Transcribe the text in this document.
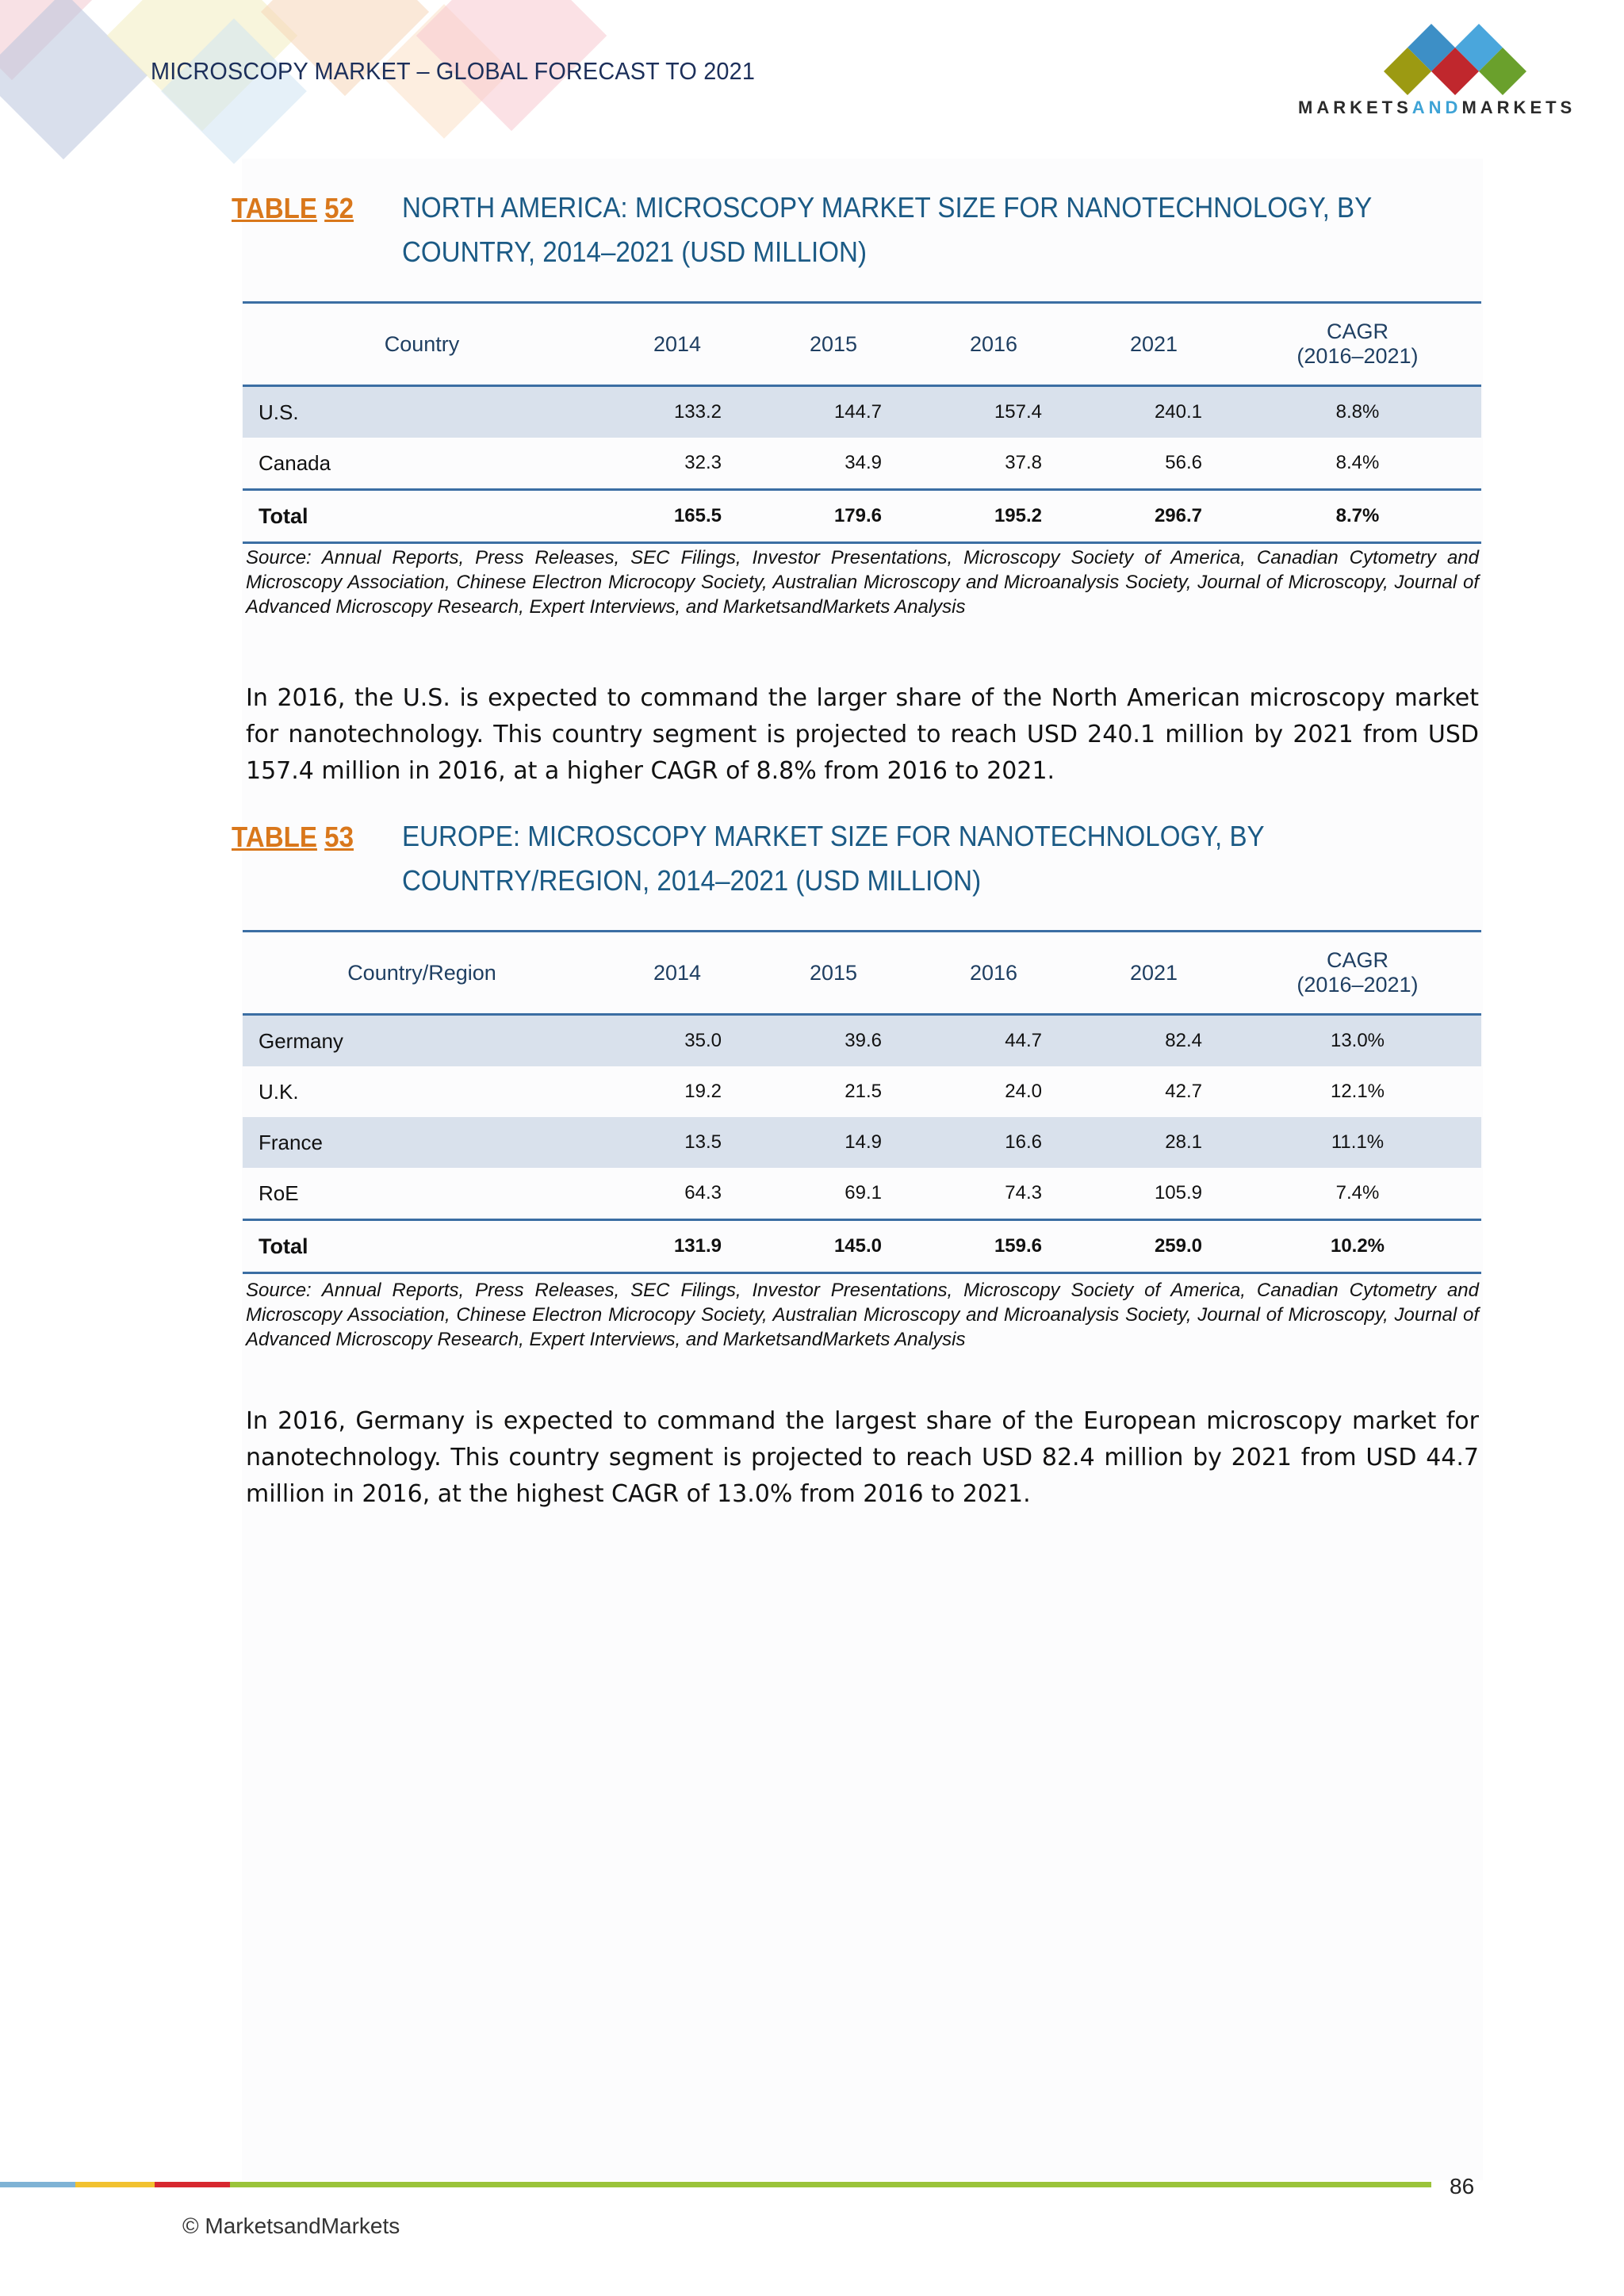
MICROSCOPY MARKET – GLOBAL FORECAST TO 2021
MARKETSANDMARKETS
TABLE 52 NORTH AMERICA: MICROSCOPY MARKET SIZE FOR NANOTECHNOLOGY, BY COUNTRY, 2014–2021 (USD MILLION)
Country	2014	2015	2016	2021	CAGR
(2016–2021)
U.S.	133.2	144.7	157.4	240.1	8.8%
Canada	32.3	34.9	37.8	56.6	8.4%
Total	165.5	179.6	195.2	296.7	8.7%
Source: Annual Reports, Press Releases, SEC Filings, Investor Presentations, Microscopy Society of America, Canadian Cytometry and Microscopy Association, Chinese Electron Microcopy Society, Australian Microscopy and Microanalysis Society, Journal of Microscopy, Journal of Advanced Microscopy Research, Expert Interviews, and MarketsandMarkets Analysis
In 2016, the U.S. is expected to command the larger share of the North American microscopy market for nanotechnology. This country segment is projected to reach USD 240.1 million by 2021 from USD 157.4 million in 2016, at a higher CAGR of 8.8% from 2016 to 2021.
TABLE 53 EUROPE: MICROSCOPY MARKET SIZE FOR NANOTECHNOLOGY, BY COUNTRY/REGION, 2014–2021 (USD MILLION)
Country/Region	2014	2015	2016	2021	CAGR
(2016–2021)
Germany	35.0	39.6	44.7	82.4	13.0%
U.K.	19.2	21.5	24.0	42.7	12.1%
France	13.5	14.9	16.6	28.1	11.1%
RoE	64.3	69.1	74.3	105.9	7.4%
Total	131.9	145.0	159.6	259.0	10.2%
Source: Annual Reports, Press Releases, SEC Filings, Investor Presentations, Microscopy Society of America, Canadian Cytometry and Microscopy Association, Chinese Electron Microcopy Society, Australian Microscopy and Microanalysis Society, Journal of Microscopy, Journal of Advanced Microscopy Research, Expert Interviews, and MarketsandMarkets Analysis
In 2016, Germany is expected to command the largest share of the European microscopy market for nanotechnology. This country segment is projected to reach USD 82.4 million by 2021 from USD 44.7 million in 2016, at the highest CAGR of 13.0% from 2016 to 2021.
86
© MarketsandMarkets
